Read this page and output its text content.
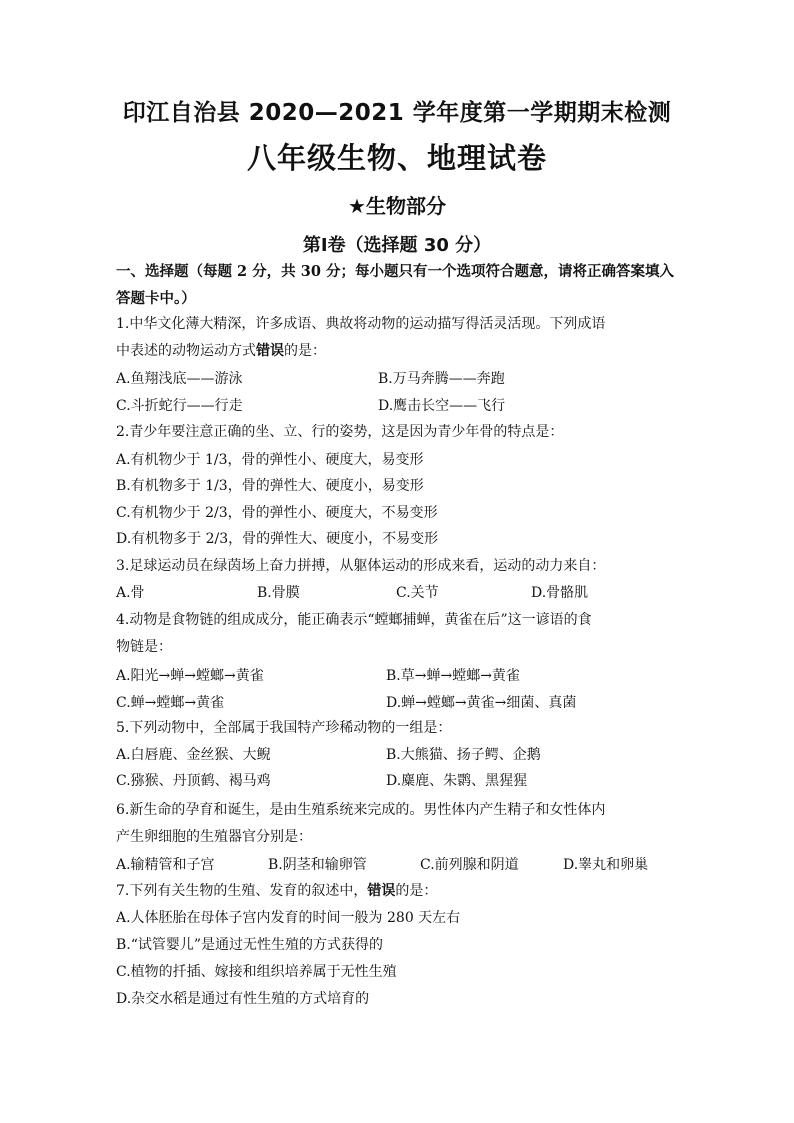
印江自治县 2020—2021 学年度第一学期期末检测
八年级生物、地理试卷
★生物部分
第Ⅰ卷（选择题 30 分）
一、选择题（每题 2 分，共 30 分；每小题只有一个选项符合题意，请将正确答案填入答题卡中。）
1.中华文化薄大精深，许多成语、典故将动物的运动描写得活灵活现。下列成语
中表述的动物运动方式错误的是：
A.鱼翔浅底——游泳	B.万马奔腾——奔跑
C.斗折蛇行——行走	D.鹰击长空——飞行
2.青少年要注意正确的坐、立、行的姿势，这是因为青少年骨的特点是：
A.有机物少于 1/3，骨的弹性小、硬度大，易变形
B.有机物多于 1/3，骨的弹性大、硬度小，易变形
C.有机物少于 2/3，骨的弹性小、硬度大，不易变形
D.有机物多于 2/3，骨的弹性大、硬度小，不易变形
3.足球运动员在绿茵场上奋力拼搏，从躯体运动的形成来看，运动的动力来自：
A.骨	B.骨膜	C.关节	D.骨骼肌
4.动物是食物链的组成成分，能正确表示“螳螂捕蝉，黄雀在后”这一谚语的食
物链是：
A.阳光→蝉→螳螂→黄雀	B.草→蝉→螳螂→黄雀
C.蝉→螳螂→黄雀	D.蝉→螳螂→黄雀→细菌、真菌
5.下列动物中，全部属于我国特产珍稀动物的一组是：
A.白唇鹿、金丝猴、大鲵	B.大熊猫、扬子鳄、企鹅
C.猕猴、丹顶鹤、褐马鸡	D.麋鹿、朱鹮、黑猩猩
6.新生命的孕育和诞生，是由生殖系统来完成的。男性体内产生精子和女性体内
产生卵细胞的生殖器官分别是：
A.输精管和子宫	B.阴茎和输卵管	C.前列腺和阴道	D.睾丸和卵巢
7.下列有关生物的生殖、发育的叙述中，错误的是：
A.人体胚胎在母体子宫内发育的时间一般为 280 天左右
B.“试管婴儿”是通过无性生殖的方式获得的
C.植物的扦插、嫁接和组织培养属于无性生殖
D.杂交水稻是通过有性生殖的方式培育的
